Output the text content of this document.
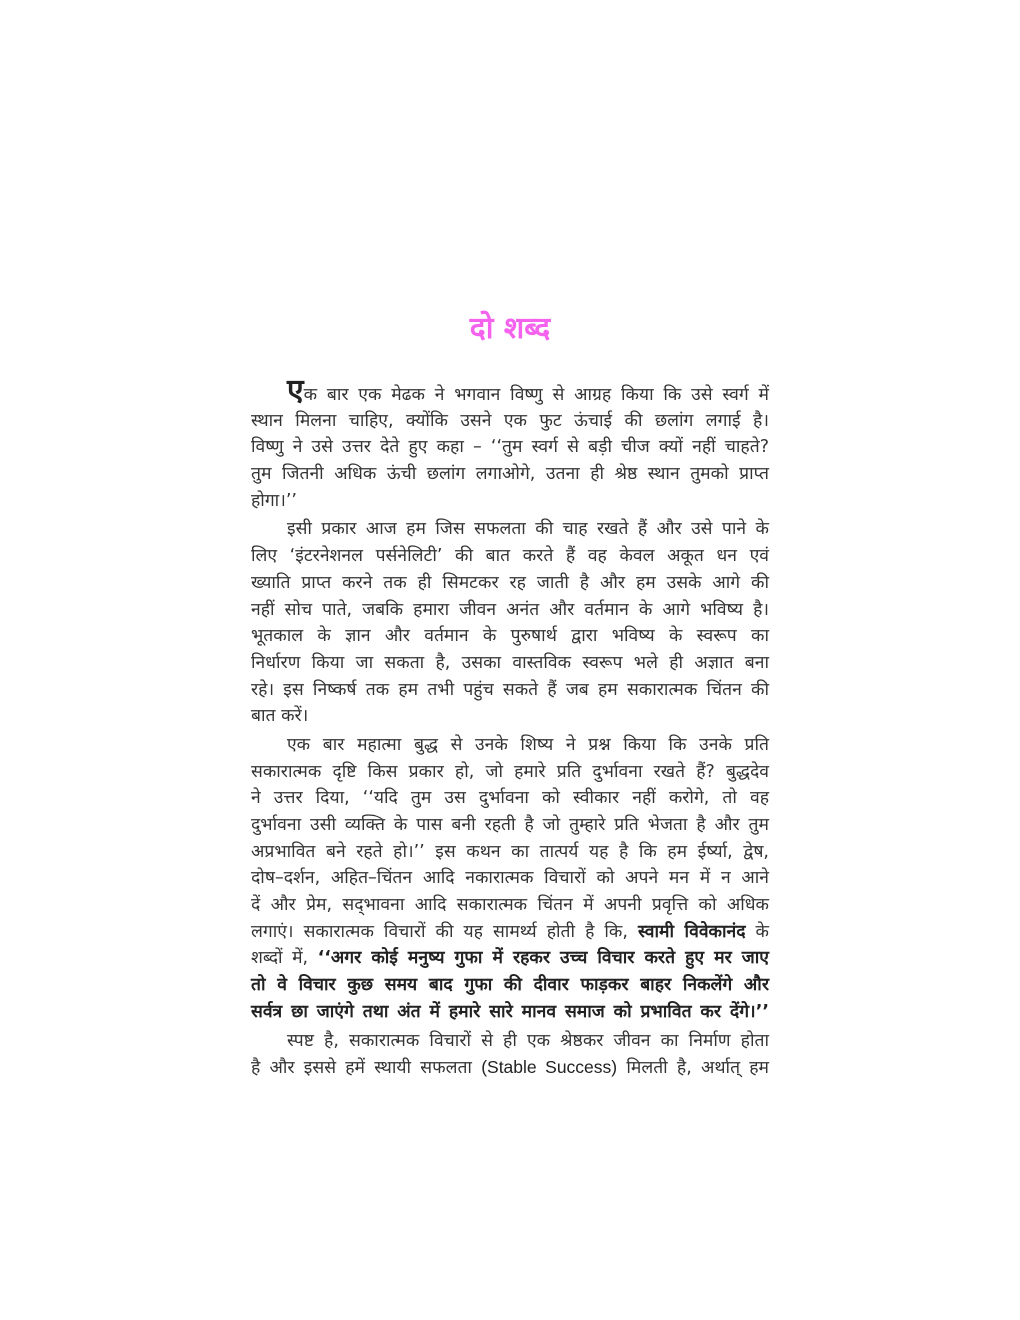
दो शब्द
एक बार एक मेढक ने भगवान विष्णु से आग्रह किया कि उसे स्वर्ग में
स्थान मिलना चाहिए, क्योंकि उसने एक फुट ऊंचाई की छलांग लगाई है।
विष्णु ने उसे उत्तर देते हुए कहा – ‘‘तुम स्वर्ग से बड़ी चीज क्यों नहीं चाहते?
तुम जितनी अधिक ऊंची छलांग लगाओगे, उतना ही श्रेष्ठ स्थान तुमको प्राप्त
होगा।’’
इसी प्रकार आज हम जिस सफलता की चाह रखते हैं और उसे पाने के
लिए ‘इंटरनेशनल पर्सनेलिटी’ की बात करते हैं वह केवल अकूत धन एवं
ख्याति प्राप्त करने तक ही सिमटकर रह जाती है और हम उसके आगे की
नहीं सोच पाते, जबकि हमारा जीवन अनंत और वर्तमान के आगे भविष्य है।
भूतकाल के ज्ञान और वर्तमान के पुरुषार्थ द्वारा भविष्य के स्वरूप का
निर्धारण किया जा सकता है, उसका वास्तविक स्वरूप भले ही अज्ञात बना
रहे। इस निष्कर्ष तक हम तभी पहुंच सकते हैं जब हम सकारात्मक चिंतन की
बात करें।
एक बार महात्मा बुद्ध से उनके शिष्य ने प्रश्न किया कि उनके प्रति
सकारात्मक दृष्टि किस प्रकार हो, जो हमारे प्रति दुर्भावना रखते हैं? बुद्धदेव
ने उत्तर दिया, ‘‘यदि तुम उस दुर्भावना को स्वीकार नहीं करोगे, तो वह
दुर्भावना उसी व्यक्ति के पास बनी रहती है जो तुम्हारे प्रति भेजता है और तुम
अप्रभावित बने रहते हो।’’ इस कथन का तात्पर्य यह है कि हम ईर्ष्या, द्वेष,
दोष–दर्शन, अहित–चिंतन आदि नकारात्मक विचारों को अपने मन में न आने
दें और प्रेम, सद्‌भावना आदि सकारात्मक चिंतन में अपनी प्रवृत्ति को अधिक
लगाएं। सकारात्मक विचारों की यह सामर्थ्य होती है कि, स्वामी विवेकानंद के
शब्दों में, ‘‘अगर कोई मनुष्य गुफा में रहकर उच्च विचार करते हुए मर जाए
तो वे विचार कुछ समय बाद गुफा की दीवार फाड़कर बाहर निकलेंगे और
सर्वत्र छा जाएंगे तथा अंत में हमारे सारे मानव समाज को प्रभावित कर देंगे।’’
स्पष्ट है, सकारात्मक विचारों से ही एक श्रेष्ठकर जीवन का निर्माण होता
है और इससे हमें स्थायी सफलता (Stable Success) मिलती है, अर्थात् हम
